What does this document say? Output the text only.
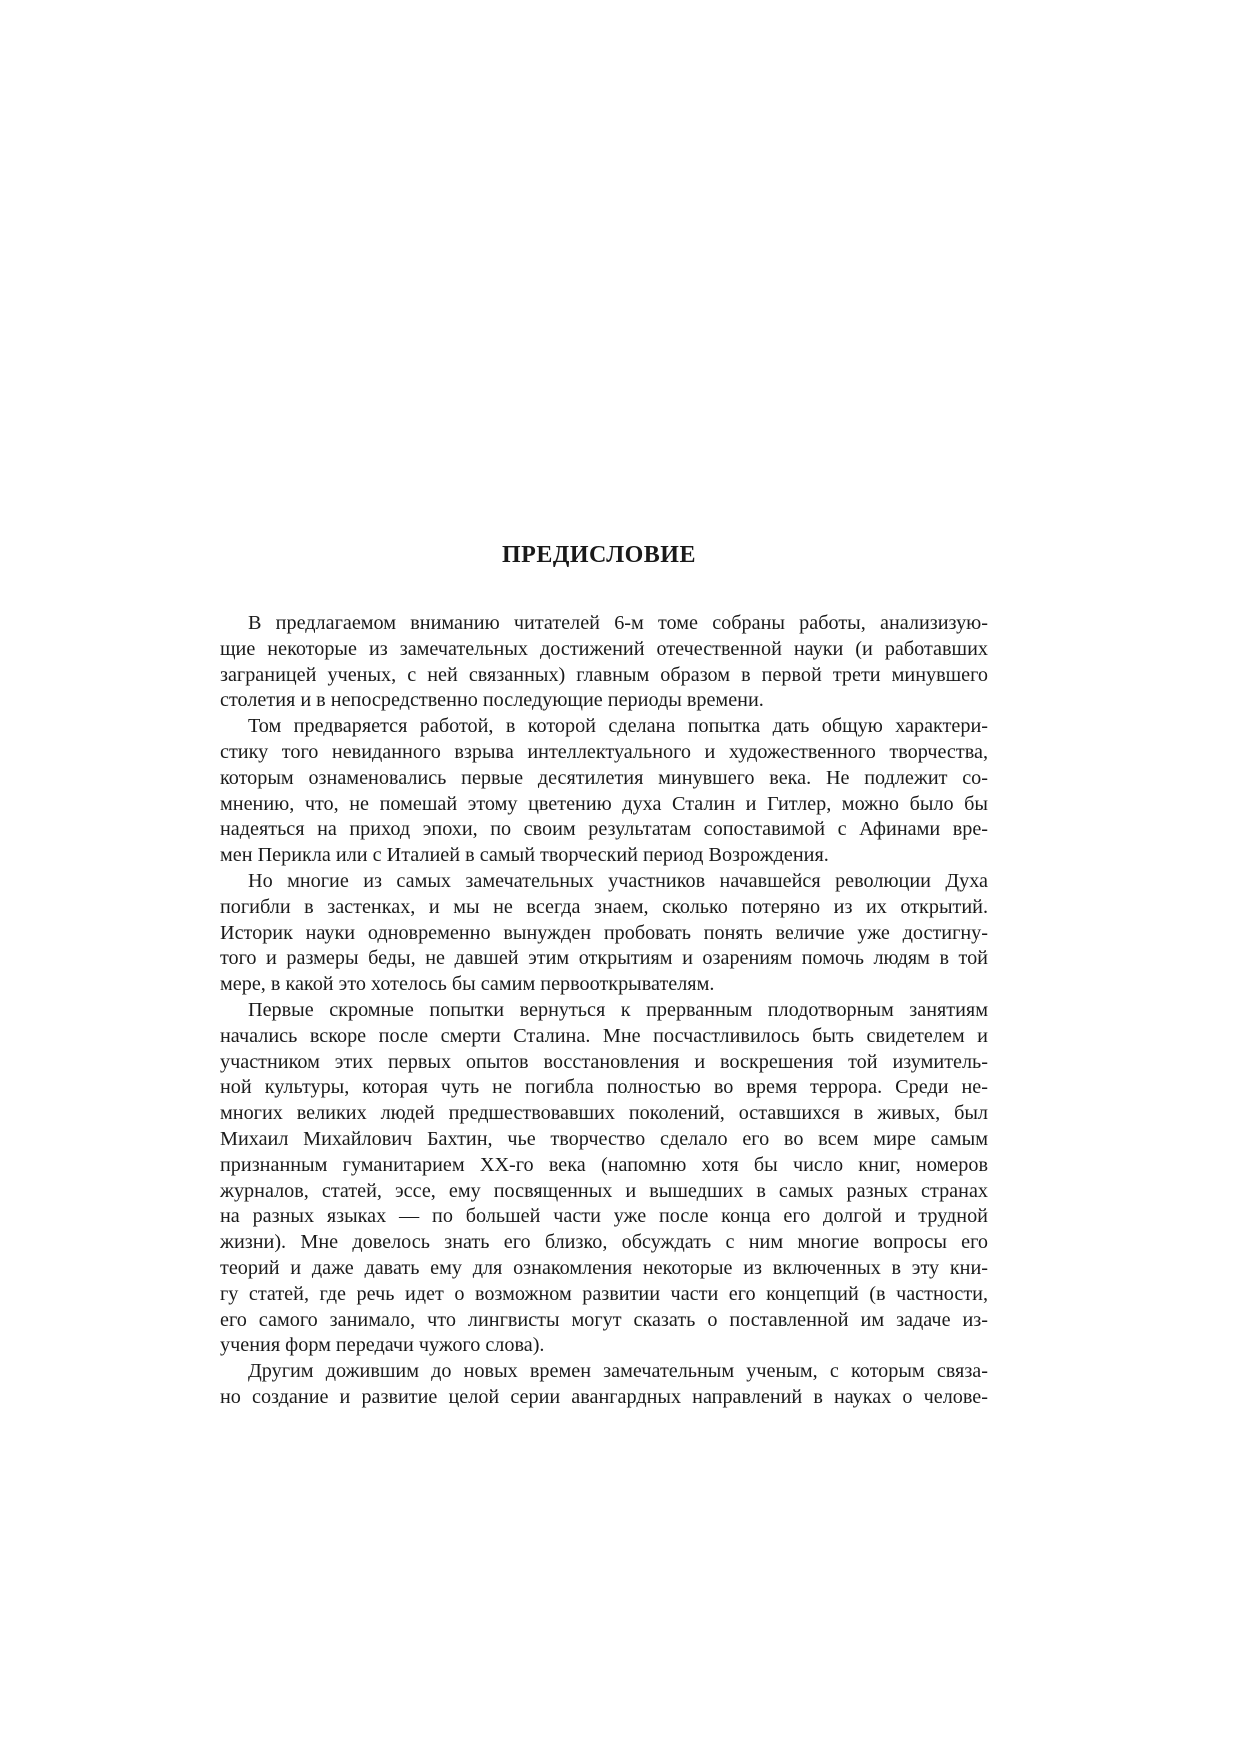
ПРЕДИСЛОВИЕ
В предлагаемом вниманию читателей 6-м томе собраны работы, анализизую-
щие некоторые из замечательных достижений отечественной науки (и работавших
заграницей ученых, с ней связанных) главным образом в первой трети минувшего
столетия и в непосредственно последующие периоды времени.
Том предваряется работой, в которой сделана попытка дать общую характери-
стику того невиданного взрыва интеллектуального и художественного творчества,
которым ознаменовались первые десятилетия минувшего века. Не подлежит со-
мнению, что, не помешай этому цветению духа Сталин и Гитлер, можно было бы
надеяться на приход эпохи, по своим результатам сопоставимой с Афинами вре-
мен Перикла или с Италией в самый творческий период Возрождения.
Но многие из самых замечательных участников начавшейся революции Духа
погибли в застенках, и мы не всегда знаем, сколько потеряно из их открытий.
Историк науки одновременно вынужден пробовать понять величие уже достигну-
того и размеры беды, не давшей этим открытиям и озарениям помочь людям в той
мере, в какой это хотелось бы самим первооткрывателям.
Первые скромные попытки вернуться к прерванным плодотворным занятиям
начались вскоре после смерти Сталина. Мне посчастливилось быть свидетелем и
участником этих первых опытов восстановления и воскрешения той изумитель-
ной культуры, которая чуть не погибла полностью во время террора. Среди не-
многих великих людей предшествовавших поколений, оставшихся в живых, был
Михаил Михайлович Бахтин, чье творчество сделало его во всем мире самым
признанным гуманитарием ХХ-го века (напомню хотя бы число книг, номеров
журналов, статей, эссе, ему посвященных и вышедших в самых разных странах
на разных языках — по большей части уже после конца его долгой и трудной
жизни). Мне довелось знать его близко, обсуждать с ним многие вопросы его
теорий и даже давать ему для ознакомления некоторые из включенных в эту кни-
гу статей, где речь идет о возможном развитии части его концепций (в частности,
его самого занимало, что лингвисты могут сказать о поставленной им задаче из-
учения форм передачи чужого слова).
Другим дожившим до новых времен замечательным ученым, с которым связа-
но создание и развитие целой серии авангардных направлений в науках о челове-
